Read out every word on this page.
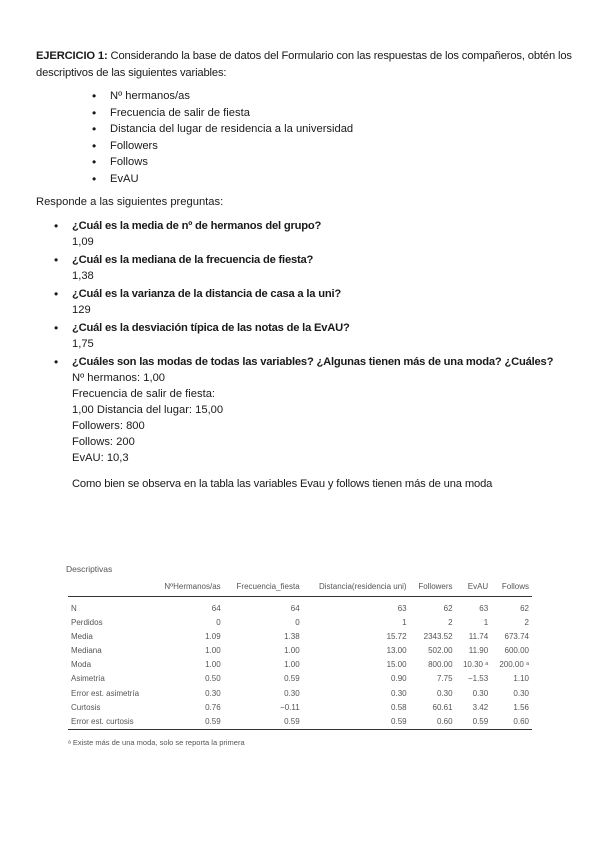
EJERCICIO 1: Considerando la base de datos del Formulario con las respuestas de los compañeros, obtén los descriptivos de las siguientes variables:
• Nº hermanos/as
• Frecuencia de salir de fiesta
• Distancia del lugar de residencia a la universidad
• Followers
• Follows
• EvAU
Responde a las siguientes preguntas:
• ¿Cuál es la media de nº de hermanos del grupo?
1,09
• ¿Cuál es la mediana de la frecuencia de fiesta?
1,38
• ¿Cuál es la varianza de la distancia de casa a la uni?
129
• ¿Cuál es la desviación típica de las notas de la EvAU?
1,75
• ¿Cuáles son las modas de todas las variables? ¿Algunas tienen más de una moda? ¿Cuáles?
Nº hermanos: 1,00
Frecuencia de salir de fiesta:
1,00 Distancia del lugar: 15,00
Followers: 800
Follows: 200
EvAU: 10,3
Como bien se observa en la tabla las variables Evau y follows tienen más de una moda
Descriptivas
	NºHermanos/as	Frecuencia_fiesta	Distancia(residencia uni)	Followers	EvAU	Follows
N	64	64	63	62	63	62
Perdidos	0	0	1	2	1	2
Media	1.09	1.38	15.72	2343.52	11.74	673.74
Mediana	1.00	1.00	13.00	502.00	11.90	600.00
Moda	1.00	1.00	15.00	800.00	10.30 ᵃ	200.00 ᵃ
Asimetría	0.50	0.59	0.90	7.75	−1.53	1.10
Error est. asimetría	0.30	0.30	0.30	0.30	0.30	0.30
Curtosis	0.76	−0.11	0.58	60.61	3.42	1.56
Error est. curtosis	0.59	0.59	0.59	0.60	0.59	0.60
ᵃ Existe más de una moda, solo se reporta la primera
